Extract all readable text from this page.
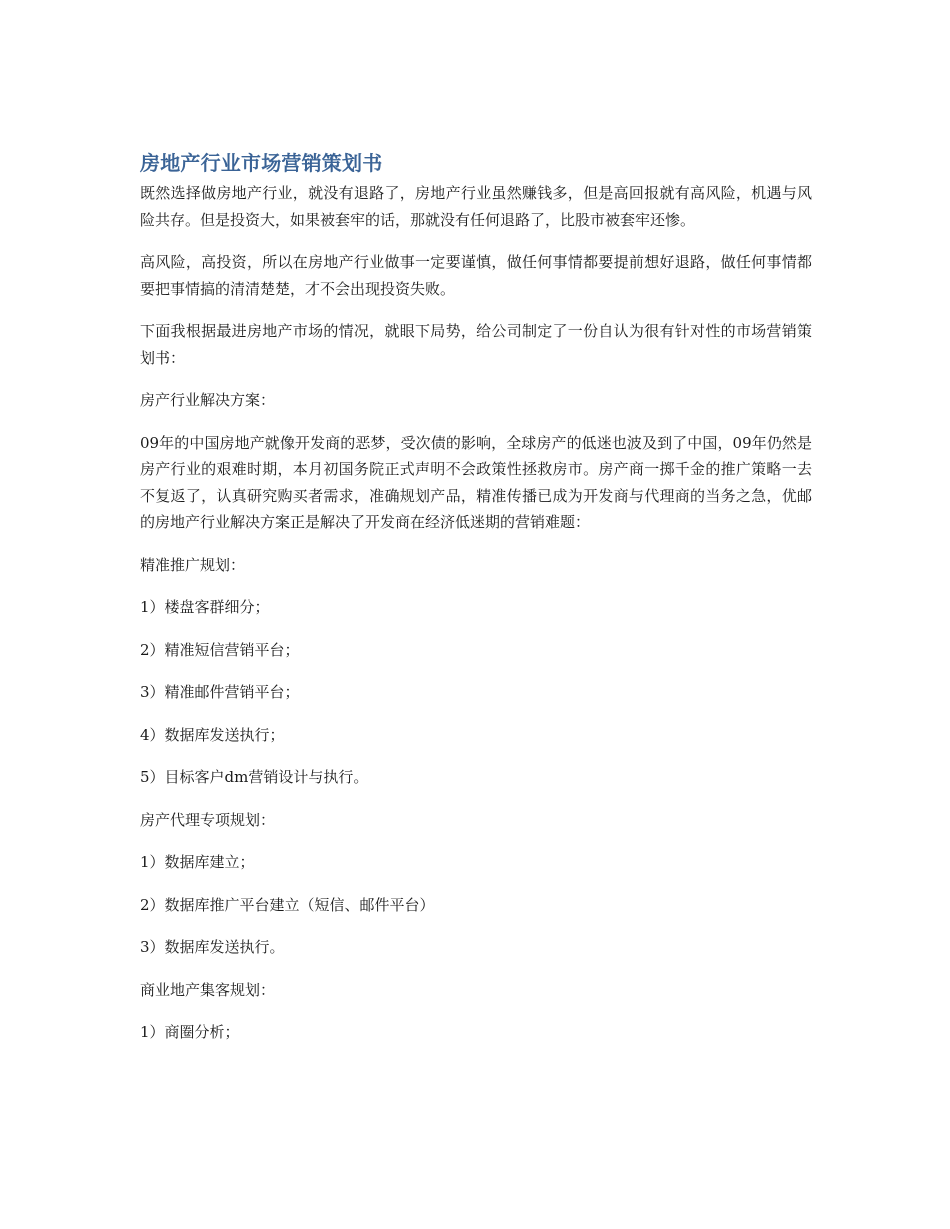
房地产行业市场营销策划书

既然选择做房地产行业，就没有退路了，房地产行业虽然赚钱多，但是高回报就有高风险，机遇与风险共存。但是投资大，如果被套牢的话，那就没有任何退路了，比股市被套牢还惨。

高风险，高投资，所以在房地产行业做事一定要谨慎，做任何事情都要提前想好退路，做任何事情都要把事情搞的清清楚楚，才不会出现投资失败。

下面我根据最进房地产市场的情况，就眼下局势，给公司制定了一份自认为很有针对性的市场营销策划书：

房产行业解决方案：

09年的中国房地产就像开发商的恶梦，受次债的影响，全球房产的低迷也波及到了中国，09年仍然是房产行业的艰难时期，本月初国务院正式声明不会政策性拯救房市。房产商一掷千金的推广策略一去不复返了，认真研究购买者需求，准确规划产品，精准传播已成为开发商与代理商的当务之急，优邮的房地产行业解决方案正是解决了开发商在经济低迷期的营销难题：

精准推广规划：

1）楼盘客群细分；

2）精准短信营销平台；

3）精准邮件营销平台；

4）数据库发送执行；

5）目标客户dm营销设计与执行。

房产代理专项规划：

1）数据库建立；

2）数据库推广平台建立（短信、邮件平台）

3）数据库发送执行。

商业地产集客规划：

1）商圈分析；
